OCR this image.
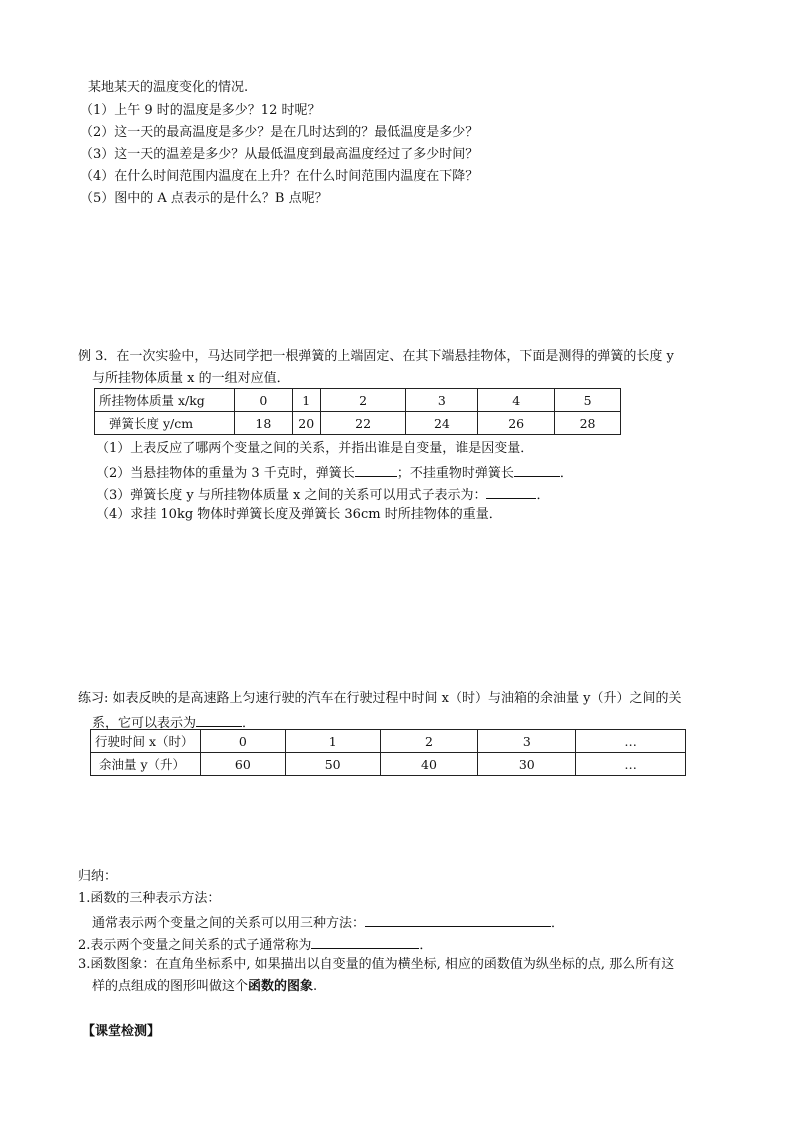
某地某天的温度变化的情况.
（1）上午 9 时的温度是多少？12 时呢？
（2）这一天的最高温度是多少？是在几时达到的？最低温度是多少？
（3）这一天的温差是多少？从最低温度到最高温度经过了多少时间？
（4）在什么时间范围内温度在上升？在什么时间范围内温度在下降？
（5）图中的 A 点表示的是什么？B 点呢？
例 3．在一次实验中，马达同学把一根弹簧的上端固定、在其下端悬挂物体，下面是测得的弹簧的长度 y
与所挂物体质量 x 的一组对应值．
所挂物体质量 x/kg	0	1	2	3	4	5
弹簧长度 y/cm	18	20	22	24	26	28
（1）上表反应了哪两个变量之间的关系，并指出谁是自变量，谁是因变量．
（2）当悬挂物体的重量为 3 千克时，弹簧长	；不挂重物时弹簧长	．
（3）弹簧长度 y 与所挂物体质量 x 之间的关系可以用式子表示为：	．
（4）求挂 10kg 物体时弹簧长度及弹簧长 36cm 时所挂物体的重量．
练习: 如表反映的是高速路上匀速行驶的汽车在行驶过程中时间 x（时）与油箱的余油量 y（升）之间的关
系，它可以表示为	．
行驶时间 x（时）	0	1	2	3	…
余油量 y（升）	60	50	40	30	…
归纳：
1.函数的三种表示方法：
通常表示两个变量之间的关系可以用三种方法：	．
2.表示两个变量之间关系的式子通常称为	．
3.函数图象：在直角坐标系中, 如果描出以自变量的值为横坐标, 相应的函数值为纵坐标的点, 那么所有这
样的点组成的图形叫做这个函数的图象.
【课堂检测】
